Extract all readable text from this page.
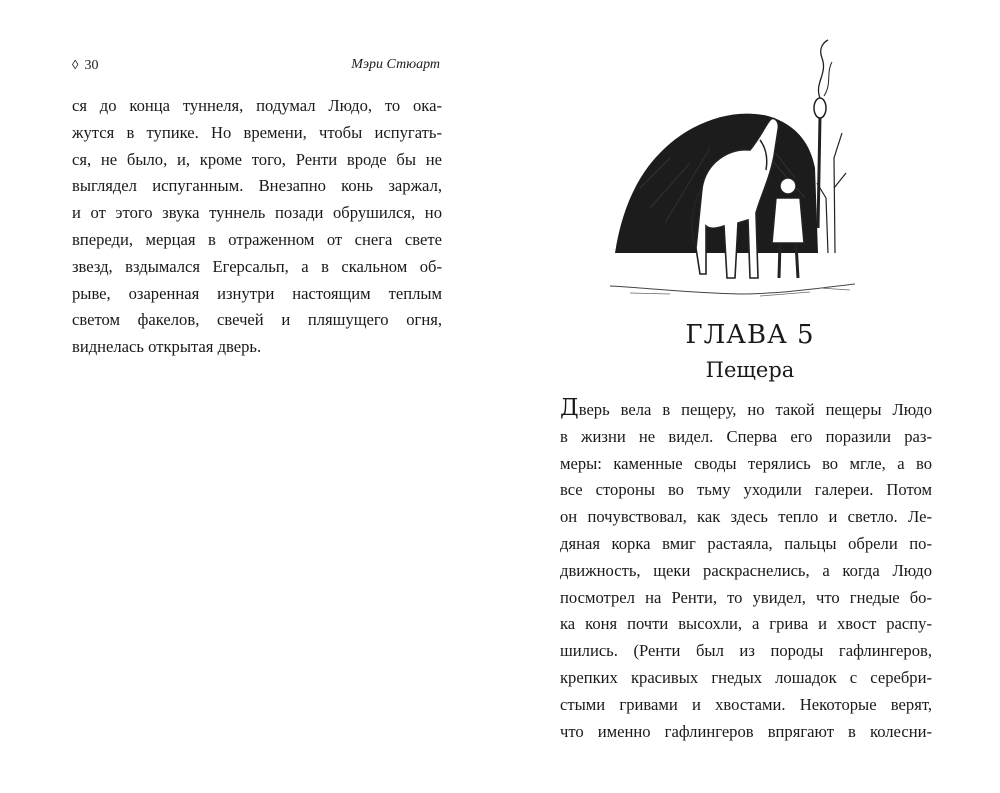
◊ 30	Мэри Стюарт
ся до конца туннеля, подумал Людо, то ока-
жутся в тупике. Но времени, чтобы испугать-
ся, не было, и, кроме того, Ренти вроде бы не
выглядел испуганным. Внезапно конь заржал,
и от этого звука туннель позади обрушился, но
впереди, мерцая в отраженном от снега свете
звезд, вздымался Егерсальп, а в скальном об-
рыве, озаренная изнутри настоящим теплым
светом факелов, свечей и пляшущего огня,
виднелась открытая дверь.	ГЛАВА 5
Пещера
Дверь вела в пещеру, но такой пещеры Людо
в жизни не видел. Сперва его поразили раз-
меры: каменные своды терялись во мгле, а во
все стороны во тьму уходили галереи. Потом
он почувствовал, как здесь тепло и светло. Ле-
дяная корка вмиг растаяла, пальцы обрели по-
движность, щеки раскраснелись, а когда Людо
посмотрел на Ренти, то увидел, что гнедые бо-
ка коня почти высохли, а грива и хвост распу-
шились. (Ренти был из породы гафлингеров,
крепких красивых гнедых лошадок с серебри-
стыми гривами и хвостами. Некоторые верят,
что именно гафлингеров впрягают в колесни-
